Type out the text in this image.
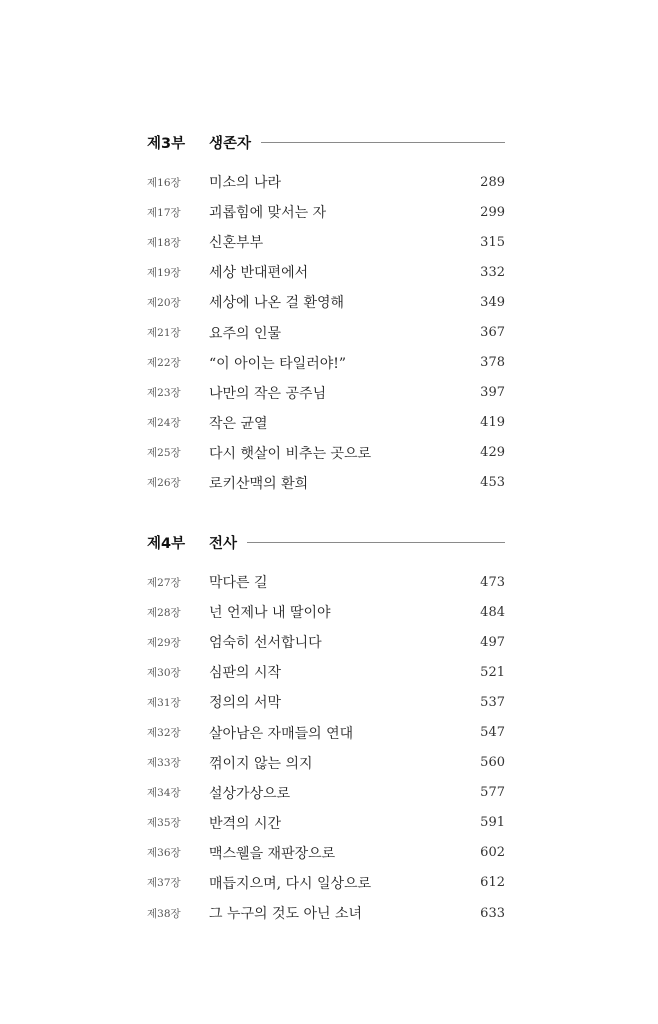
제3부	생존자
제16장	미소의 나라	289
제17장	괴롭힘에 맞서는 자	299
제18장	신혼부부	315
제19장	세상 반대편에서	332
제20장	세상에 나온 걸 환영해	349
제21장	요주의 인물	367
제22장	“이 아이는 타일러야!”	378
제23장	나만의 작은 공주님	397
제24장	작은 균열	419
제25장	다시 햇살이 비추는 곳으로	429
제26장	로키산맥의 환희	453
제4부	전사
제27장	막다른 길	473
제28장	넌 언제나 내 딸이야	484
제29장	엄숙히 선서합니다	497
제30장	심판의 시작	521
제31장	정의의 서막	537
제32장	살아남은 자매들의 연대	547
제33장	꺾이지 않는 의지	560
제34장	설상가상으로	577
제35장	반격의 시간	591
제36장	맥스웰을 재판장으로	602
제37장	매듭지으며, 다시 일상으로	612
제38장	그 누구의 것도 아닌 소녀	633
